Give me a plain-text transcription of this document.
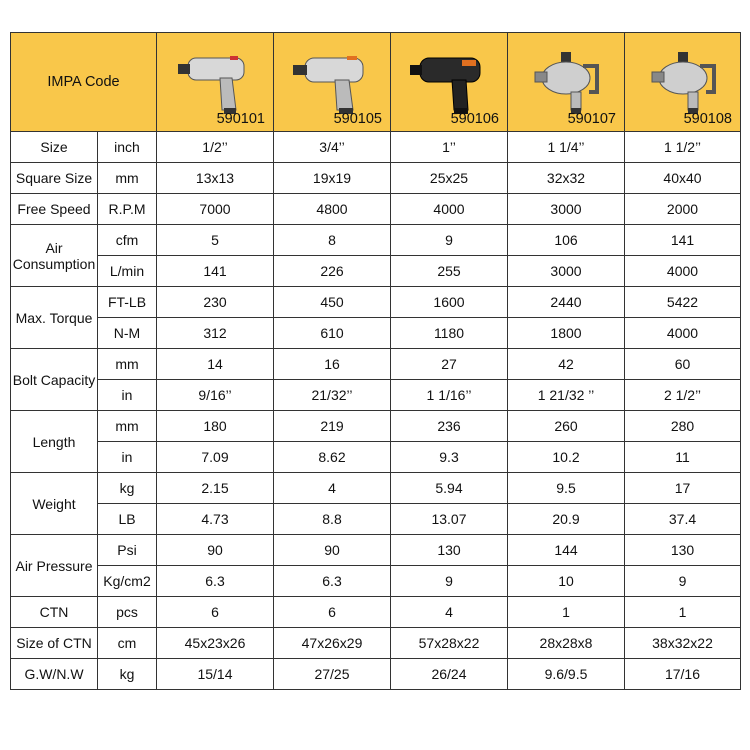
IMPA Code		590101	590105	590106	590107	590108

Size	inch	1/2’’	3/4’’	1’’	1 1/4’’	1 1/2’’
Square Size	mm	13x13	19x19	25x25	32x32	40x40
Free Speed	R.P.M	7000	4800	4000	3000	2000
Air Consumption	cfm	5	8	9	106	141
	L/min	141	226	255	3000	4000
Max. Torque	FT-LB	230	450	1600	2440	5422
	N-M	312	610	1180	1800	4000
Bolt Capacity	mm	14	16	27	42	60
	in	9/16’’	21/32’’	1 1/16’’	1 21/32 ’’	2 1/2’’
Length	mm	180	219	236	260	280
	in	7.09	8.62	9.3	10.2	11
Weight	kg	2.15	4	5.94	9.5	17
	LB	4.73	8.8	13.07	20.9	37.4
Air Pressure	Psi	90	90	130	144	130
	Kg/cm2	6.3	6.3	9	10	9
CTN	pcs	6	6	4	1	1
Size of CTN	cm	45x23x26	47x26x29	57x28x22	28x28x8	38x32x22
G.W/N.W	kg	15/14	27/25	26/24	9.6/9.5	17/16
